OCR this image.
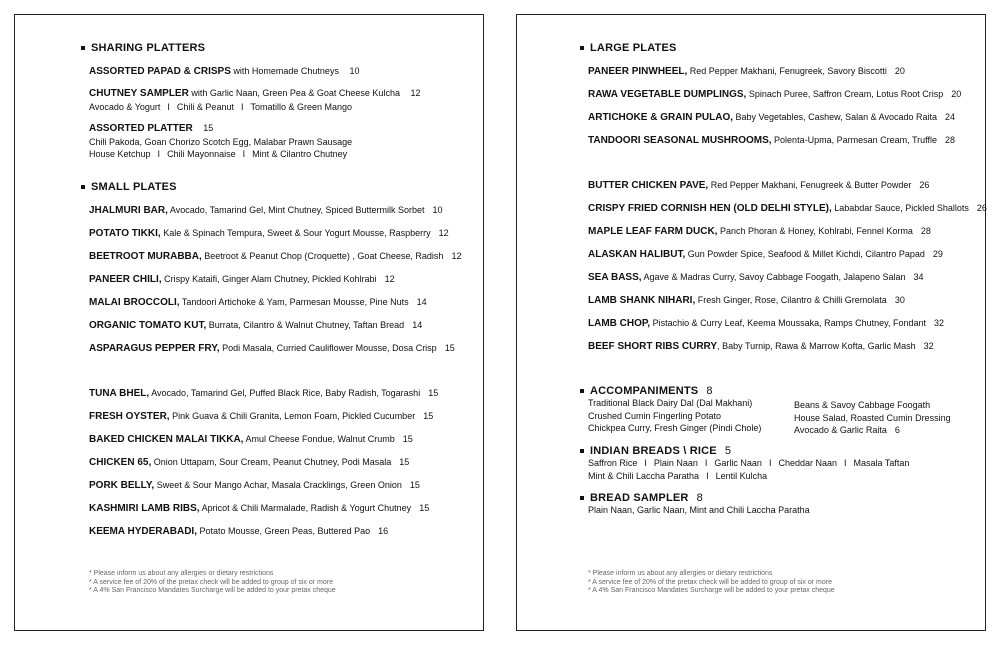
SHARING PLATTERS
ASSORTED PAPAD & CRISPS with Homemade Chutneys 10
CHUTNEY SAMPLER with Garlic Naan, Green Pea & Goat Cheese Kulcha 12
Avocado & Yogurt I Chili & Peanut I Tomatillo & Green Mango
ASSORTED PLATTER 15
Chili Pakoda, Goan Chorizo Scotch Egg, Malabar Prawn Sausage
House Ketchup I Chili Mayonnaise I Mint & Cilantro Chutney
SMALL PLATES
JHALMURI BAR, Avocado, Tamarind Gel, Mint Chutney, Spiced Buttermilk Sorbet 10
POTATO TIKKI, Kale & Spinach Tempura, Sweet & Sour Yogurt Mousse, Raspberry 12
BEETROOT MURABBA, Beetroot & Peanut Chop (Croquette) , Goat Cheese, Radish 12
PANEER CHILI, Crispy Kataifi, Ginger Alam Chutney, Pickled Kohlrabi 12
MALAI BROCCOLI, Tandoori Artichoke & Yam, Parmesan Mousse, Pine Nuts 14
ORGANIC TOMATO KUT, Burrata, Cilantro & Walnut Chutney, Taftan Bread 14
ASPARAGUS PEPPER FRY, Podi Masala, Curried Cauliflower Mousse, Dosa Crisp 15
TUNA BHEL, Avocado, Tamarind Gel, Puffed Black Rice, Baby Radish, Togarashi 15
FRESH OYSTER, Pink Guava & Chili Granita, Lemon Foam, Pickled Cucumber 15
BAKED CHICKEN MALAI TIKKA, Amul Cheese Fondue, Walnut Crumb 15
CHICKEN 65, Onion Uttapam, Sour Cream, Peanut Chutney, Podi Masala 15
PORK BELLY, Sweet & Sour Mango Achar, Masala Cracklings, Green Onion 15
KASHMIRI LAMB RIBS, Apricot & Chili Marmalade, Radish & Yogurt Chutney 15
KEEMA HYDERABADI, Potato Mousse, Green Peas, Buttered Pao 16
* Please inform us about any allergies or dietary restrictions
* A service fee of 20% of the pretax check will be added to group of six or more
* A 4% San Francisco Mandates Surcharge will be added to your pretax cheque
LARGE PLATES
PANEER PINWHEEL, Red Pepper Makhani, Fenugreek, Savory Biscotti 20
RAWA VEGETABLE DUMPLINGS, Spinach Puree, Saffron Cream, Lotus Root Crisp 20
ARTICHOKE & GRAIN PULAO, Baby Vegetables, Cashew, Salan & Avocado Raita 24
TANDOORI SEASONAL MUSHROOMS, Polenta-Upma, Parmesan Cream, Truffle 28
BUTTER CHICKEN PAVE, Red Pepper Makhani, Fenugreek & Butter Powder 26
CRISPY FRIED CORNISH HEN (OLD DELHI STYLE), Lababdar Sauce, Pickled Shallots 26
MAPLE LEAF FARM DUCK, Panch Phoran & Honey, Kohlrabi, Fennel Korma 28
ALASKAN HALIBUT, Gun Powder Spice, Seafood & Millet Kichdi, Cilantro Papad 29
SEA BASS, Agave & Madras Curry, Savoy Cabbage Foogath, Jalapeno Salan 34
LAMB SHANK NIHARI, Fresh Ginger, Rose, Cilantro & Chilli Gremolata 30
LAMB CHOP, Pistachio & Curry Leaf, Keema Moussaka, Ramps Chutney, Fondant 32
BEEF SHORT RIBS CURRY, Baby Turnip, Rawa & Marrow Kofta, Garlic Mash 32
ACCOMPANIMENTS 8
Traditional Black Dairy Dal (Dal Makhani)
Crushed Cumin Fingerling Potato
Chickpea Curry, Fresh Ginger (Pindi Chole)
Beans & Savoy Cabbage Foogath
House Salad, Roasted Cumin Dressing
Avocado & Garlic Raita 6
INDIAN BREADS \ RICE 5
Saffron Rice I Plain Naan I Garlic Naan I Cheddar Naan I Masala Taftan
Mint & Chili Laccha Paratha I Lentil Kulcha
BREAD SAMPLER 8
Plain Naan, Garlic Naan, Mint and Chili Laccha Paratha
* Please inform us about any allergies or dietary restrictions
* A service fee of 20% of the pretax check will be added to group of six or more
* A 4% San Francisco Mandates Surcharge will be added to your pretax cheque
